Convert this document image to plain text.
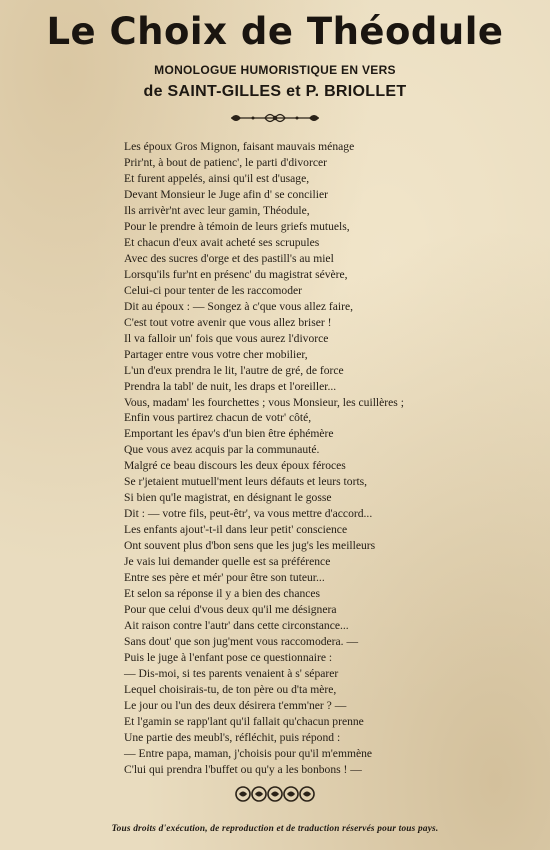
Le Choix de Théodule
MONOLOGUE HUMORISTIQUE EN VERS
de SAINT-GILLES et P. BRIOLLET
Les époux Gros Mignon, faisant mauvais ménage
Prir'nt, à bout de patienc', le parti d'divorcer
Et furent appelés, ainsi qu'il est d'usage,
Devant Monsieur le Juge afin d' se concilier
Ils arrivèr'nt avec leur gamin, Théodule,
Pour le prendre à témoin de leurs griefs mutuels,
Et chacun d'eux avait acheté ses scrupules
Avec des sucres d'orge et des pastill's au miel
Lorsqu'ils fur'nt en présenc' du magistrat sévère,
Celui-ci pour tenter de les raccomoder
Dit au époux : — Songez à c'que vous allez faire,
C'est tout votre avenir que vous allez briser !
Il va falloir un' fois que vous aurez l'divorce
Partager entre vous votre cher mobilier,
L'un d'eux prendra le lit, l'autre de gré, de force
Prendra la tabl' de nuit, les draps et l'oreiller...
Vous, madam' les fourchettes ; vous Monsieur, les cuillères ;
Enfin vous partirez chacun de votr' côté,
Emportant les épav's d'un bien être éphémère
Que vous avez acquis par la communauté.
Malgré ce beau discours les deux époux féroces
Se r'jetaient mutuell'ment leurs défauts et leurs torts,
Si bien qu'le magistrat, en désignant le gosse
Dit : — votre fils, peut-êtr', va vous mettre d'accord...
Les enfants ajout'-t-il dans leur petit' conscience
Ont souvent plus d'bon sens que les jug's les meilleurs
Je vais lui demander quelle est sa préférence
Entre ses père et mér' pour être son tuteur...
Et selon sa réponse il y a bien des chances
Pour que celui d'vous deux qu'il me désignera
Ait raison contre l'autr' dans cette circonstance...
Sans dout' que son jug'ment vous raccomodera. —
Puis le juge à l'enfant pose ce questionnaire :
— Dis-moi, si tes parents venaient à s' séparer
Lequel choisirais-tu, de ton père ou d'ta mère,
Le jour ou l'un des deux désirera t'emm'ner ? —
Et l'gamin se rapp'lant qu'il fallait qu'chacun prenne
Une partie des meubl's, réfléchit, puis répond :
— Entre papa, maman, j'choisis pour qu'il m'emmène
C'lui qui prendra l'buffet ou qu'y a les bonbons ! —
Tous droits d'exécution, de reproduction et de traduction réservés pour tous pays.
